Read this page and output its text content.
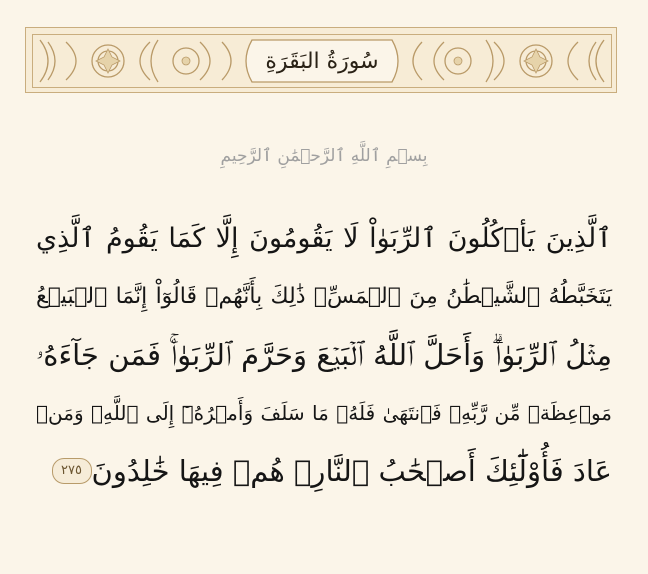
سُورَةُ البَقَرَةِ
بِسۡمِ ٱللَّهِ ٱلرَّحۡمَٰنِ ٱلرَّحِيمِ
ٱلَّذِينَ يَأۡكُلُونَ ٱلرِّبَوٰاْ لَا يَقُومُونَ إِلَّا كَمَا يَقُومُ ٱلَّذِي
يَتَخَبَّطُهُ ٱلشَّيۡطَٰنُ مِنَ ٱلۡمَسِّۚ ذَٰلِكَ بِأَنَّهُمۡ قَالُوٓاْ إِنَّمَا ٱلۡبَيۡعُ
مِثۡلُ ٱلرِّبَوٰاْۗ وَأَحَلَّ ٱللَّهُ ٱلۡبَيۡعَ وَحَرَّمَ ٱلرِّبَوٰاْۚ فَمَن جَآءَهُۥ
مَوۡعِظَةٞ مِّن رَّبِّهِۦ فَٱنتَهَىٰ فَلَهُۥ مَا سَلَفَ وَأَمۡرُهُۥٓ إِلَى ٱللَّهِۖ وَمَنۡ
عَادَ فَأُوْلَٰٓئِكَ أَصۡحَٰبُ ٱلنَّارِۖ هُمۡ فِيهَا خَٰلِدُونَ
٢٧٥
